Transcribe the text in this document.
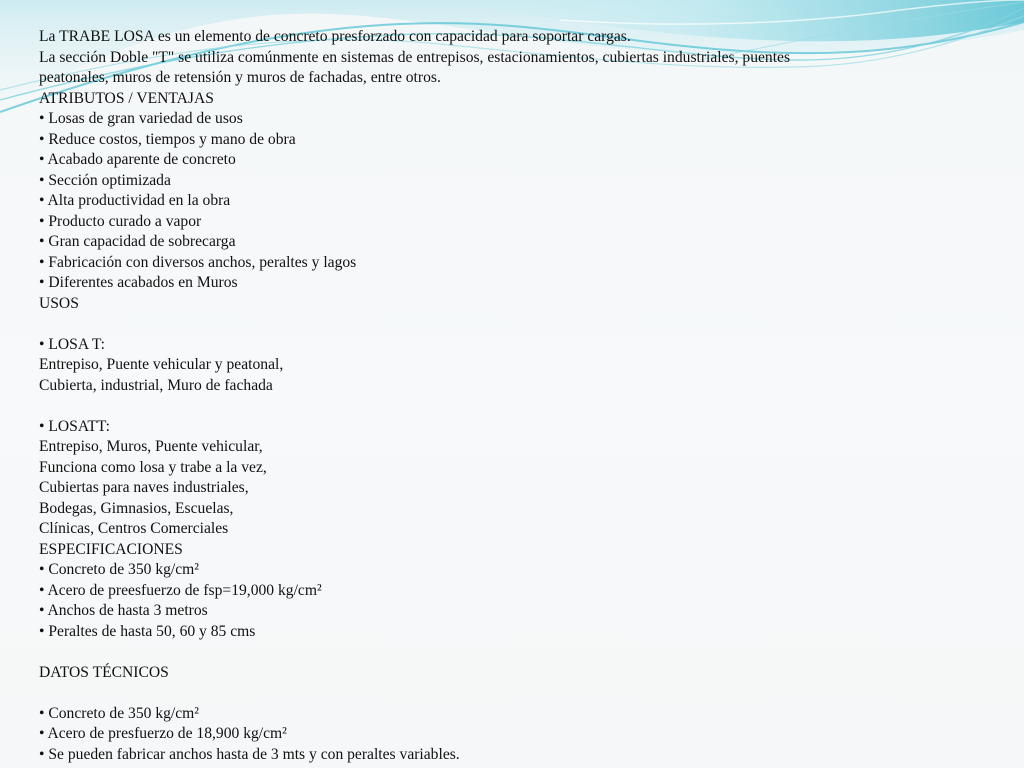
La TRABE LOSA es un elemento de concreto presforzado con capacidad para soportar cargas.
La sección Doble "T" se utiliza comúnmente en sistemas de entrepisos, estacionamientos, cubiertas industriales, puentes
peatonales, muros de retensión y muros de fachadas, entre otros.
ATRIBUTOS / VENTAJAS
• Losas de gran variedad de usos
• Reduce costos, tiempos y mano de obra
• Acabado aparente de concreto
• Sección optimizada
• Alta productividad en la obra
• Producto curado a vapor
• Gran capacidad de sobrecarga
• Fabricación con diversos anchos, peraltes y lagos
• Diferentes acabados en Muros
USOS
• LOSA T:
Entrepiso, Puente vehicular y peatonal,
Cubierta, industrial, Muro de fachada
• LOSATT:
Entrepiso, Muros, Puente vehicular,
Funciona como losa y trabe a la vez,
Cubiertas para naves industriales,
Bodegas, Gimnasios, Escuelas,
Clínicas, Centros Comerciales
ESPECIFICACIONES
• Concreto de 350 kg/cm²
• Acero de preesfuerzo de fsp=19,000 kg/cm²
• Anchos de hasta 3 metros
• Peraltes de hasta 50, 60 y 85 cms
DATOS TÉCNICOS
• Concreto de 350 kg/cm²
• Acero de presfuerzo de 18,900 kg/cm²
• Se pueden fabricar anchos hasta de 3 mts y con peraltes variables.
